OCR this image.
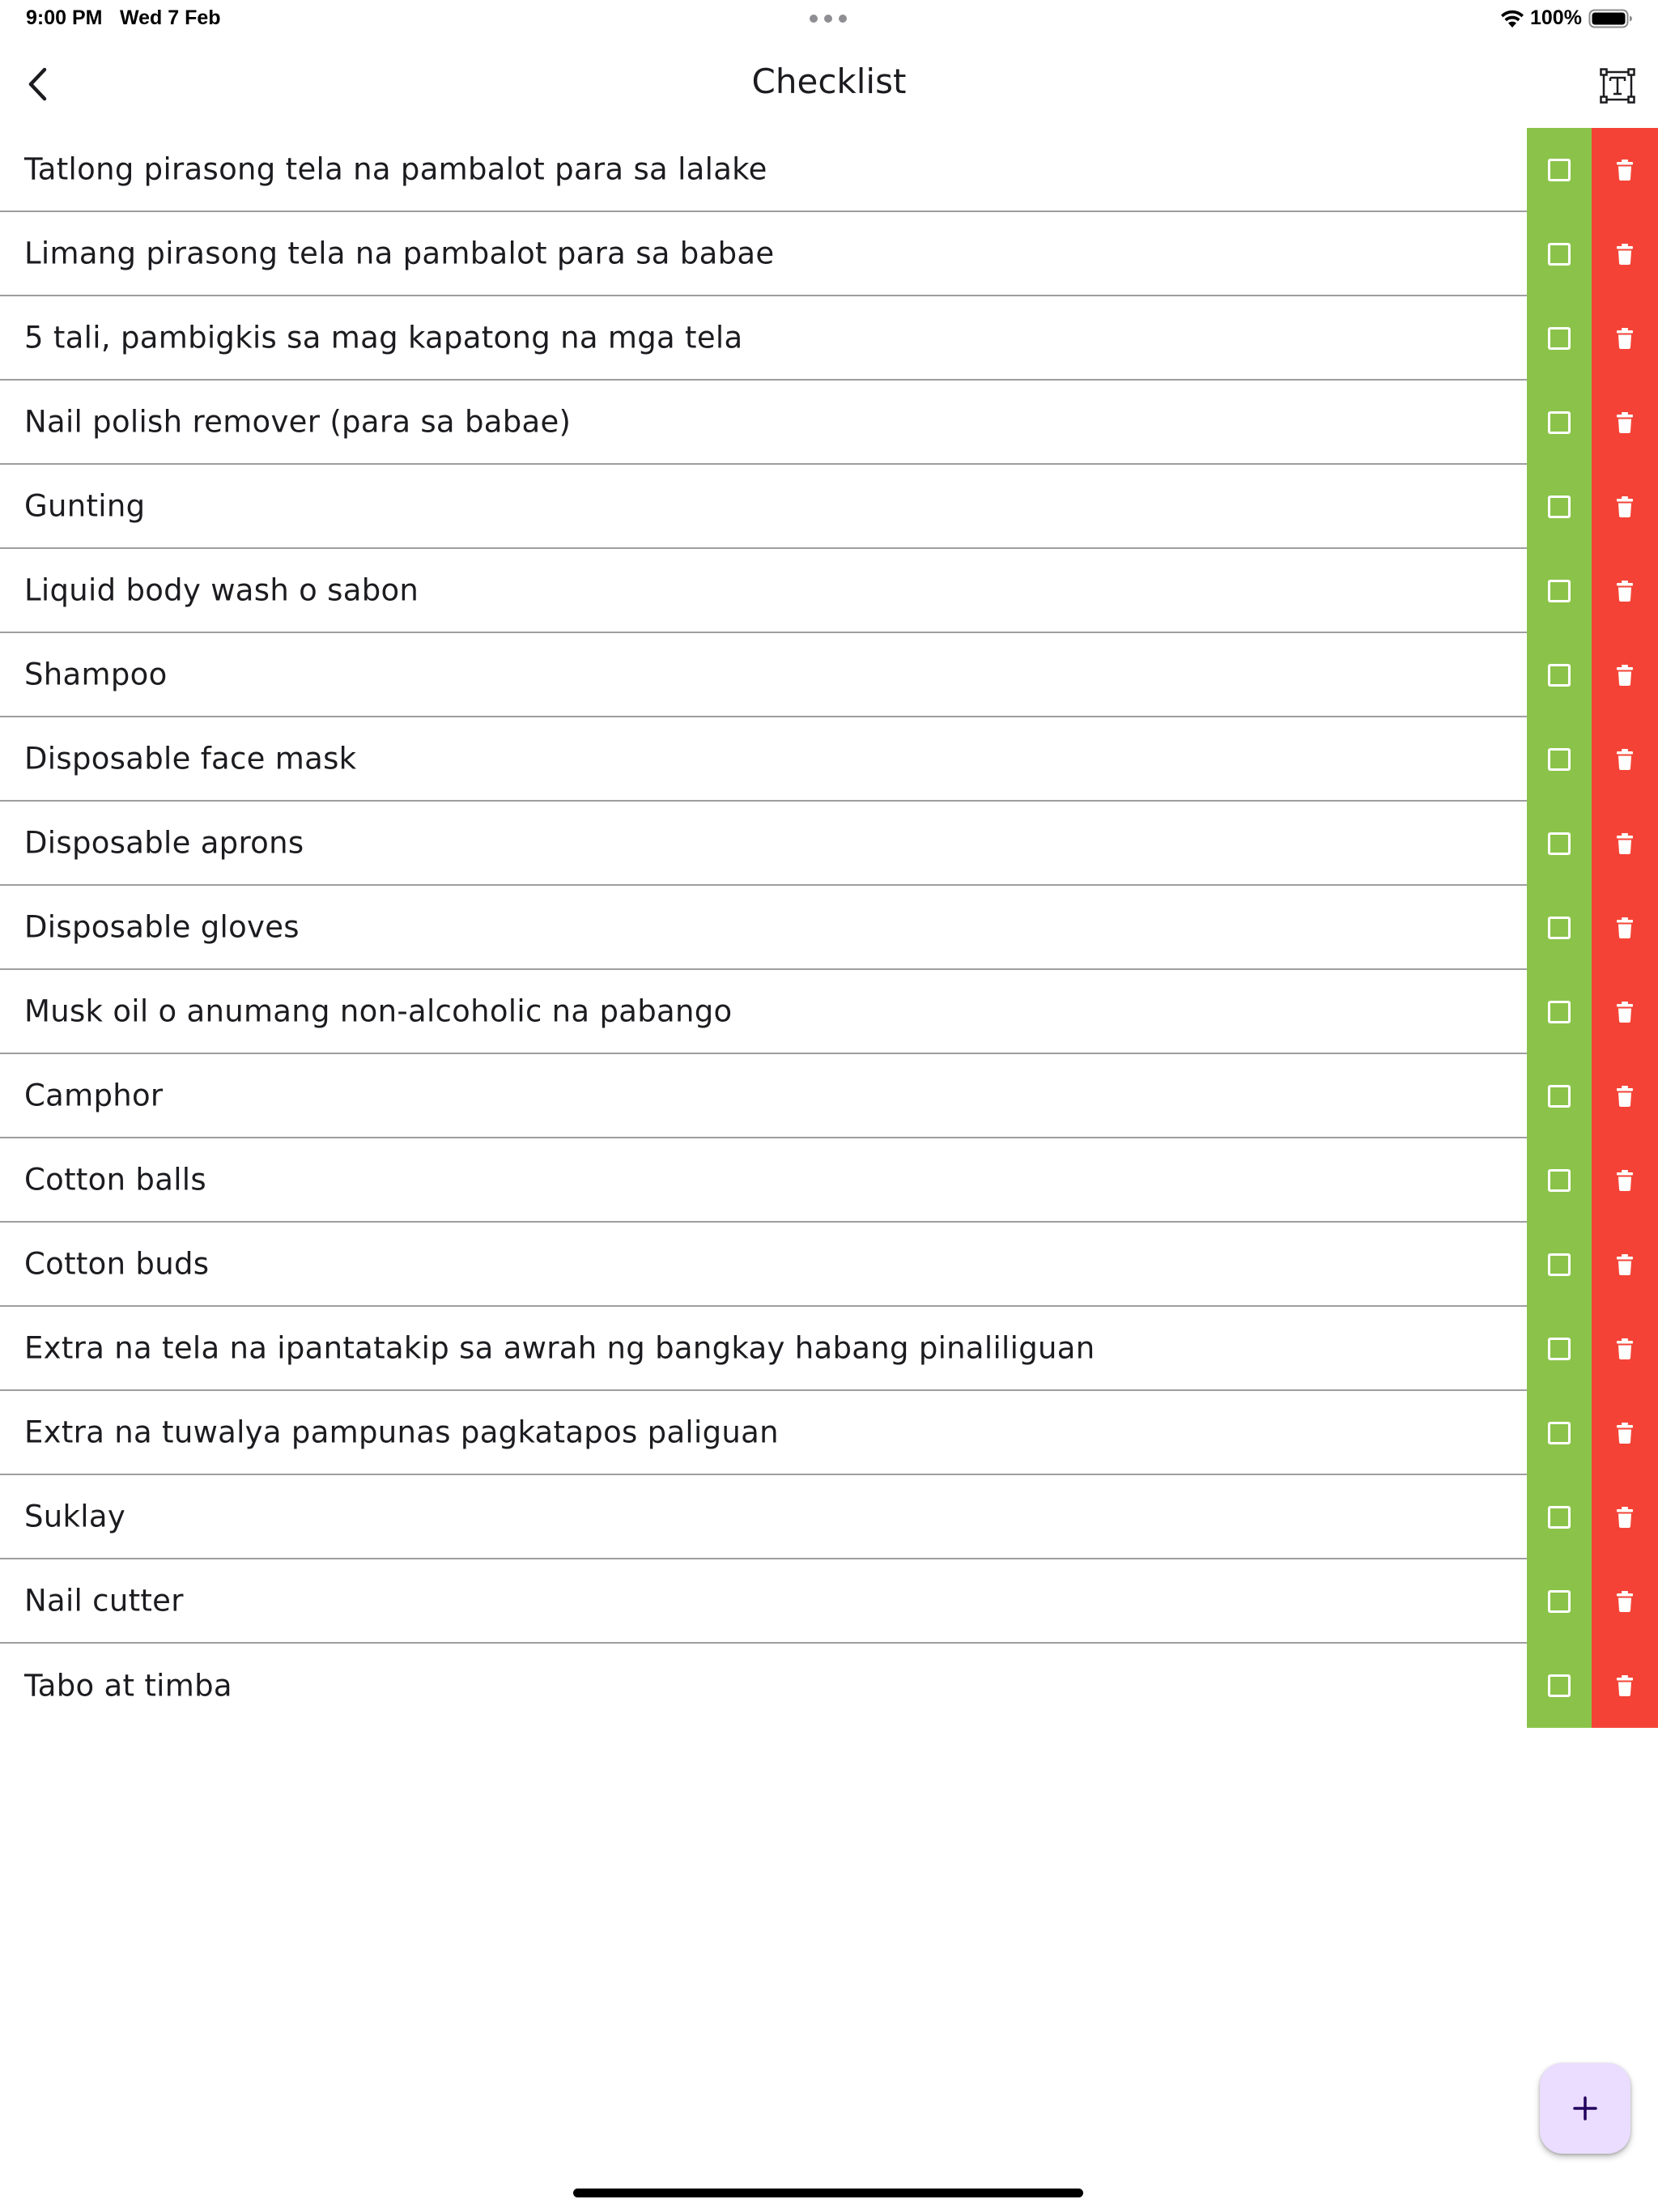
9:00 PM Wed 7 Feb	100%
Checklist
Tatlong pirasong tela na pambalot para sa lalake
Limang pirasong tela na pambalot para sa babae
5 tali, pambigkis sa mag kapatong na mga tela
Nail polish remover (para sa babae)
Gunting
Liquid body wash o sabon
Shampoo
Disposable face mask
Disposable aprons
Disposable gloves
Musk oil o anumang non-alcoholic na pabango
Camphor
Cotton balls
Cotton buds
Extra na tela na ipantatakip sa awrah ng bangkay habang pinaliliguan
Extra na tuwalya pampunas pagkatapos paliguan
Suklay
Nail cutter
Tabo at timba
